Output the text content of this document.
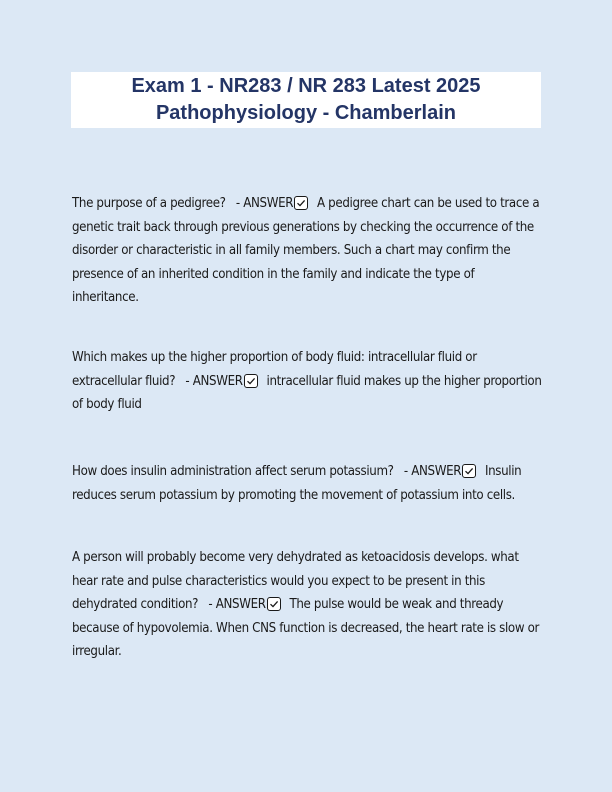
Exam 1 - NR283 / NR 283 Latest 2025
Pathophysiology - Chamberlain
The purpose of a pedigree? - ANSWER A pedigree chart can be used to trace a genetic trait back through previous generations by checking the occurrence of the disorder or characteristic in all family members. Such a chart may confirm the presence of an inherited condition in the family and indicate the type of inheritance.
Which makes up the higher proportion of body fluid: intracellular fluid or extracellular fluid? - ANSWER intracellular fluid makes up the higher proportion of body fluid
How does insulin administration affect serum potassium? - ANSWER Insulin reduces serum potassium by promoting the movement of potassium into cells.
A person will probably become very dehydrated as ketoacidosis develops. what hear rate and pulse characteristics would you expect to be present in this dehydrated condition? - ANSWER The pulse would be weak and thready because of hypovolemia. When CNS function is decreased, the heart rate is slow or irregular.
